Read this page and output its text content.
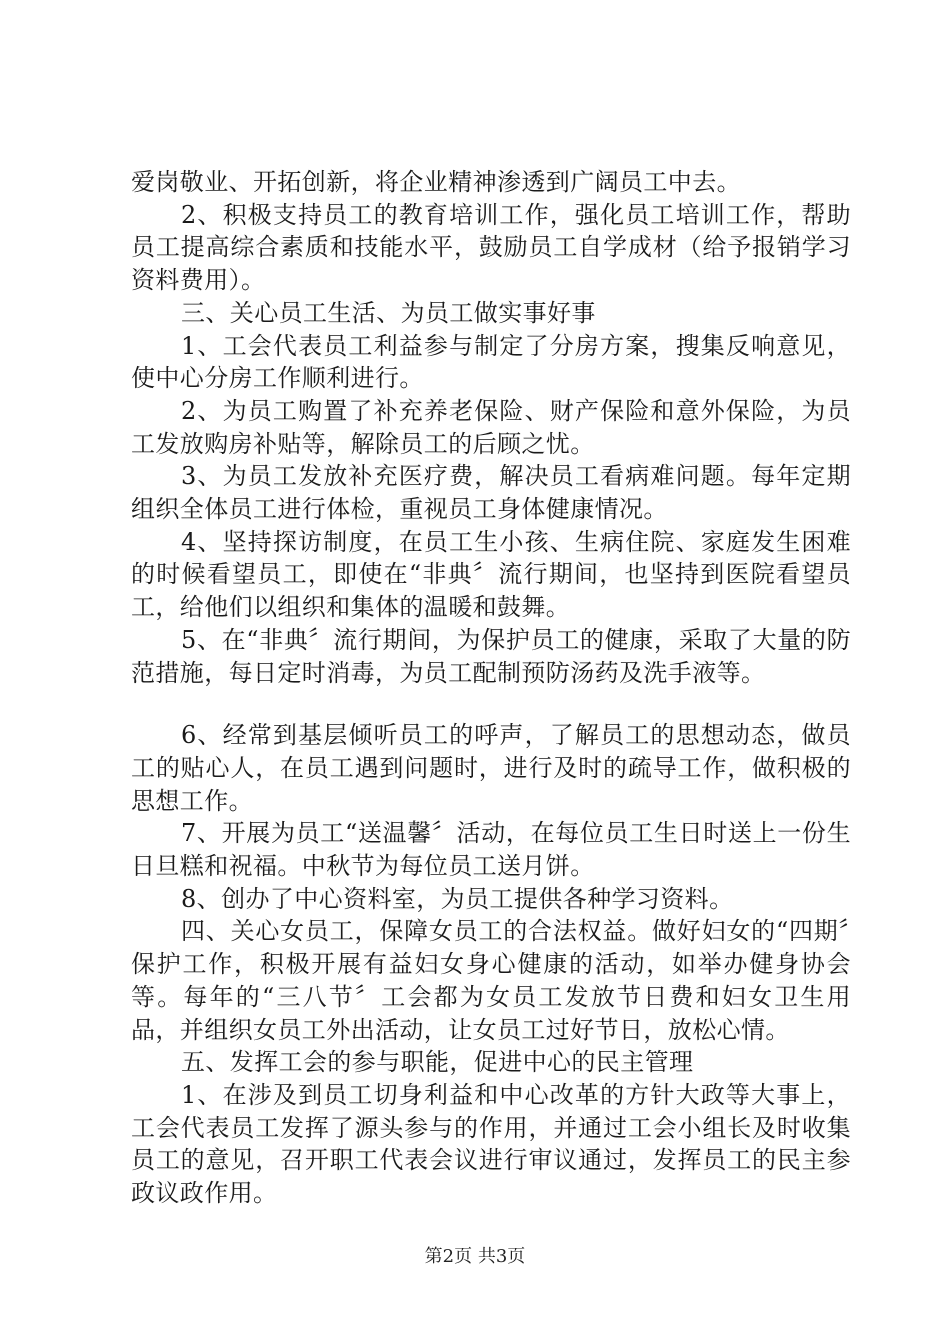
爱岗敬业、开拓创新，将企业精神渗透到广阔员工中去。

2、积极支持员工的教育培训工作，强化员工培训工作，帮助员工提高综合素质和技能水平，鼓励员工自学成材（给予报销学习资料费用）。

三、关心员工生活、为员工做实事好事

1、工会代表员工利益参与制定了分房方案，搜集反响意见，使中心分房工作顺利进行。

2、为员工购置了补充养老保险、财产保险和意外保险，为员工发放购房补贴等，解除员工的后顾之忧。

3、为员工发放补充医疗费，解决员工看病难问题。每年定期组织全体员工进行体检，重视员工身体健康情况。

4、坚持探访制度，在员工生小孩、生病住院、家庭发生困难的时候看望员工，即使在“非典〞流行期间，也坚持到医院看望员工，给他们以组织和集体的温暖和鼓舞。

5、在“非典〞流行期间，为保护员工的健康，采取了大量的防范措施，每日定时消毒，为员工配制预防汤药及洗手液等。

6、经常到基层倾听员工的呼声，了解员工的思想动态，做员工的贴心人，在员工遇到问题时，进行及时的疏导工作，做积极的思想工作。

7、开展为员工“送温馨〞活动，在每位员工生日时送上一份生日旦糕和祝福。中秋节为每位员工送月饼。

8、创办了中心资料室，为员工提供各种学习资料。

四、关心女员工，保障女员工的合法权益。做好妇女的“四期〞保护工作，积极开展有益妇女身心健康的活动，如举办健身协会等。每年的“三八节〞工会都为女员工发放节日费和妇女卫生用品，并组织女员工外出活动，让女员工过好节日，放松心情。

五、发挥工会的参与职能，促进中心的民主管理

1、在涉及到员工切身利益和中心改革的方针大政等大事上，工会代表员工发挥了源头参与的作用，并通过工会小组长及时收集员工的意见，召开职工代表会议进行审议通过，发挥员工的民主参政议政作用。

第2页 共3页
